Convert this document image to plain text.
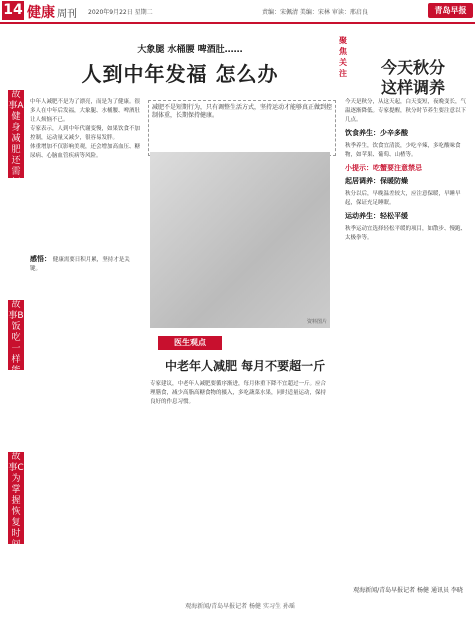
14 健康 周刊 2020年9月22日 星期二	责编：宋佩清 美编：宋林 审读：邢启良	青岛早报
大象腿 水桶腰 啤酒肚……
人到中年发福 怎么办
故事A 健身减肥还需恒心
故事B 饭吃一样能减肥
故事C 为掌握恢复时间
减肥不是短期行为，只有调整生活方式，坚持运动才能够真正做到控制体重，长期保持健康。
中年人减肥不是为了漂亮，而是为了健康。很多人在中年后发福，大象腿、水桶腰、啤酒肚让人烦恼不已。
专家表示，人到中年代谢变慢，如果饮食不加控制，运动量又减少，很容易发胖。
体重增加不仅影响美观，还会增加高血压、糖尿病、心脑血管疾病等风险。
感悟： 健康需要日积月累，坚持才是关键。
资料图片
医生观点
中老年人减肥 每月不要超一斤
专家建议，中老年人减肥要循序渐进，每月体重下降不宜超过一斤。应合理膳食，减少高脂高糖食物的摄入，多吃蔬菜水果，同时适量运动，保持良好的作息习惯。
观海新闻/青岛早报记者 杨健 实习生 孙瑶
聚焦关注	今天秋分
这样调养
今天是秋分，从这天起，白天变短，夜晚变长，气温逐渐降低。专家提醒，秋分时节养生要注意以下几点。
饮食养生：少辛多酸
秋季养生，饮食宜清淡，少吃辛辣，多吃酸味食物，如苹果、葡萄、山楂等。
小提示：吃蟹要注意禁忌
起居调养：保暖防燥
秋分以后，早晚温差较大，应注意保暖，早睡早起，保证充足睡眠。
运动养生：轻松平缓
秋季运动宜选择轻松平缓的项目，如散步、慢跑、太极拳等。
观海新闻/青岛早报记者 杨健 通讯员 李晓
